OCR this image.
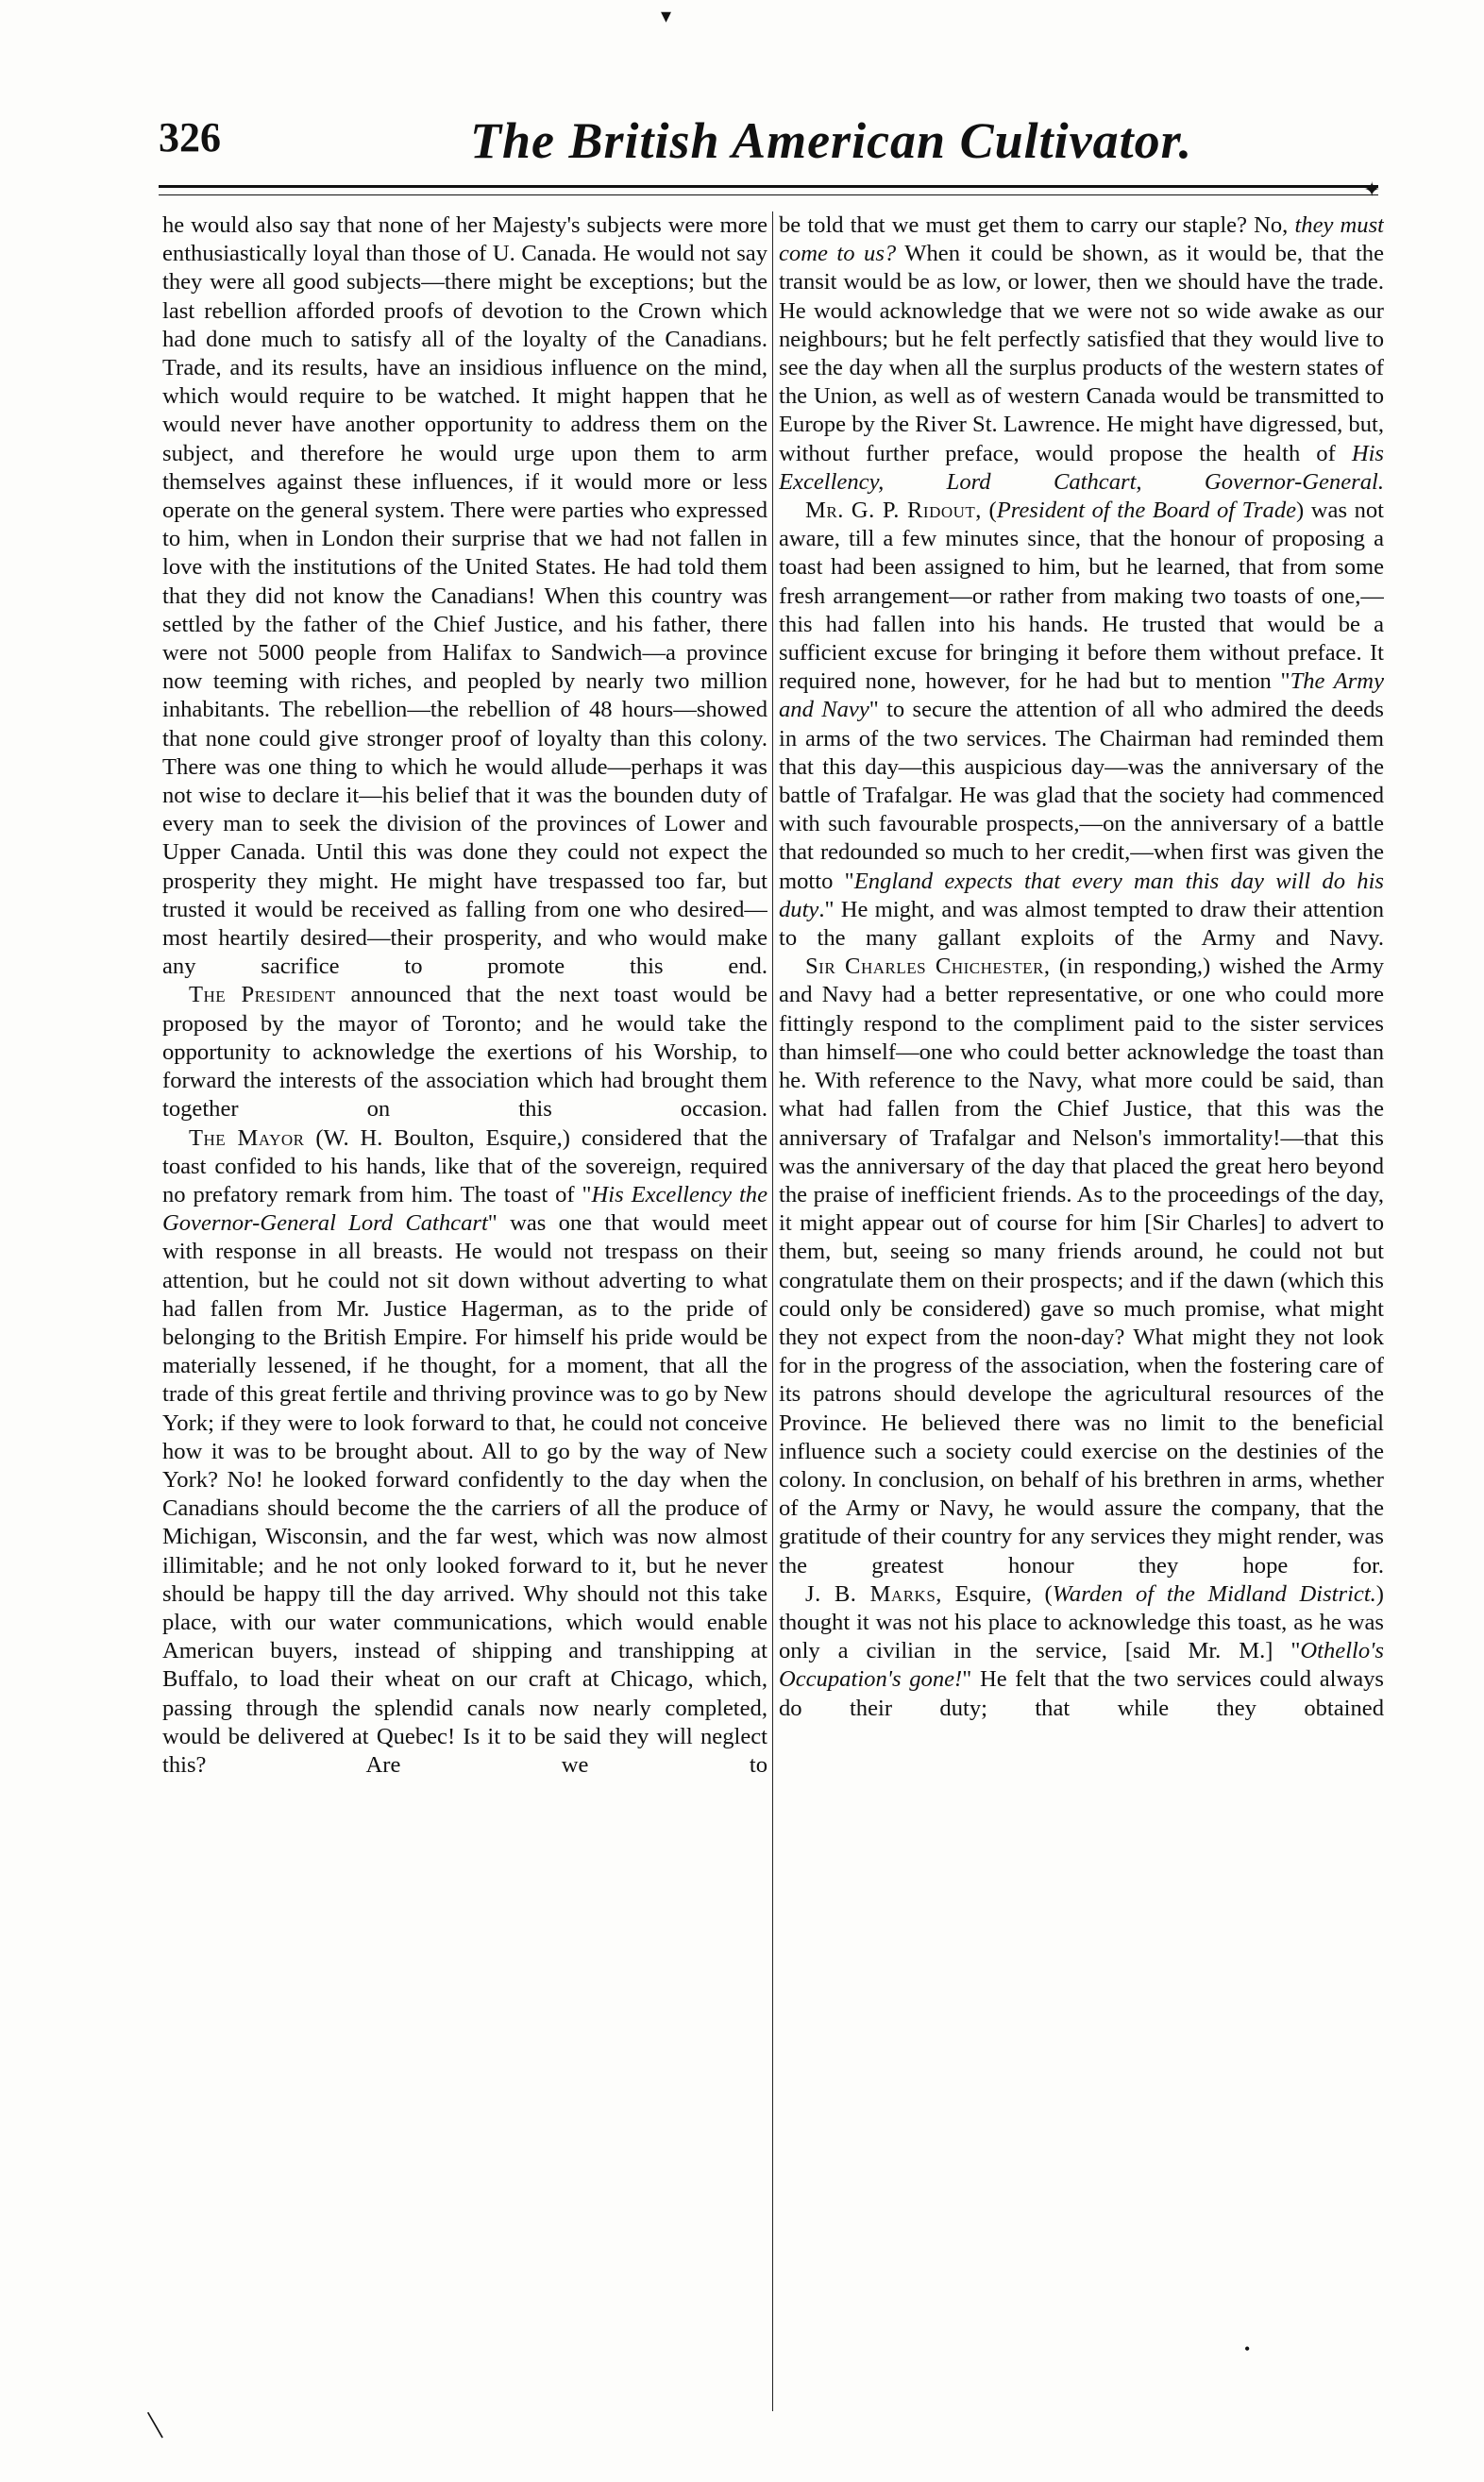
▾
326	The British American Cultivator.
✦

he would also say that none of her Majesty's subjects were more enthusiastically loyal than those of U. Canada. He would not say they were all good subjects—there might be exceptions; but the last rebellion afforded proofs of devotion to the Crown which had done much to satisfy all of the loyalty of the Canadians. Trade, and its results, have an insidious influence on the mind, which would require to be watched. It might happen that he would never have another opportunity to address them on the subject, and therefore he would urge upon them to arm themselves against these influences, if it would more or less operate on the general system. There were parties who expressed to him, when in London their surprise that we had not fallen in love with the institutions of the United States. He had told them that they did not know the Canadians! When this country was settled by the father of the Chief Justice, and his father, there were not 5000 people from Halifax to Sandwich—a province now teeming with riches, and peopled by nearly two million inhabitants. The rebellion—the rebellion of 48 hours—showed that none could give stronger proof of loyalty than this colony. There was one thing to which he would allude—perhaps it was not wise to declare it—his belief that it was the bounden duty of every man to seek the division of the provinces of Lower and Upper Canada. Until this was done they could not expect the prosperity they might. He might have trespassed too far, but trusted it would be received as falling from one who desired—most heartily desired—their prosperity, and who would make any sacrifice to promote this end.

The President announced that the next toast would be proposed by the mayor of Toronto; and he would take the opportunity to acknowledge the exertions of his Worship, to forward the interests of the association which had brought them together on this occasion.

The Mayor (W. H. Boulton, Esquire,) considered that the toast confided to his hands, like that of the sovereign, required no prefatory remark from him. The toast of "His Excellency the Governor-General Lord Cathcart" was one that would meet with response in all breasts. He would not trespass on their attention, but he could not sit down without adverting to what had fallen from Mr. Justice Hagerman, as to the pride of belonging to the British Empire. For himself his pride would be materially lessened, if he thought, for a moment, that all the trade of this great fertile and thriving province was to go by New York; if they were to look forward to that, he could not conceive how it was to be brought about. All to go by the way of New York? No! he looked forward confidently to the day when the Canadians should become the the carriers of all the produce of Michigan, Wisconsin, and the far west, which was now almost illimitable; and he not only looked forward to it, but he never should be happy till the day arrived. Why should not this take place, with our water communications, which would enable American buyers, instead of shipping and transhipping at Buffalo, to load their wheat on our craft at Chicago, which, passing through the splendid canals now nearly completed, would be delivered at Quebec! Is it to be said they will neglect this? Are we to

be told that we must get them to carry our staple? No, they must come to us? When it could be shown, as it would be, that the transit would be as low, or lower, then we should have the trade. He would acknowledge that we were not so wide awake as our neighbours; but he felt perfectly satisfied that they would live to see the day when all the surplus products of the western states of the Union, as well as of western Canada would be transmitted to Europe by the River St. Lawrence. He might have digressed, but, without further preface, would propose the health of His Excellency, Lord Cathcart, Governor-General.

Mr. G. P. Ridout, (President of the Board of Trade) was not aware, till a few minutes since, that the honour of proposing a toast had been assigned to him, but he learned, that from some fresh arrangement—or rather from making two toasts of one,—this had fallen into his hands. He trusted that would be a sufficient excuse for bringing it before them without preface. It required none, however, for he had but to mention "The Army and Navy" to secure the attention of all who admired the deeds in arms of the two services. The Chairman had reminded them that this day—this auspicious day—was the anniversary of the battle of Trafalgar. He was glad that the society had commenced with such favourable prospects,—on the anniversary of a battle that redounded so much to her credit,—when first was given the motto "England expects that every man this day will do his duty." He might, and was almost tempted to draw their attention to the many gallant exploits of the Army and Navy.

Sir Charles Chichester, (in responding,) wished the Army and Navy had a better representative, or one who could more fittingly respond to the compliment paid to the sister services than himself—one who could better acknowledge the toast than he. With reference to the Navy, what more could be said, than what had fallen from the Chief Justice, that this was the anniversary of Trafalgar and Nelson's immortality!—that this was the anniversary of the day that placed the great hero beyond the praise of inefficient friends. As to the proceedings of the day, it might appear out of course for him [Sir Charles] to advert to them, but, seeing so many friends around, he could not but congratulate them on their prospects; and if the dawn (which this could only be considered) gave so much promise, what might they not expect from the noon-day? What might they not look for in the progress of the association, when the fostering care of its patrons should develope the agricultural resources of the Province. He believed there was no limit to the beneficial influence such a society could exercise on the destinies of the colony. In conclusion, on behalf of his brethren in arms, whether of the Army or Navy, he would assure the company, that the gratitude of their country for any services they might render, was the greatest honour they hope for.

J. B. Marks, Esquire, (Warden of the Midland District.) thought it was not his place to acknowledge this toast, as he was only a civilian in the service, [said Mr. M.] "Othello's Occupation's gone!" He felt that the two services could always do their duty; that while they obtained

•
|
